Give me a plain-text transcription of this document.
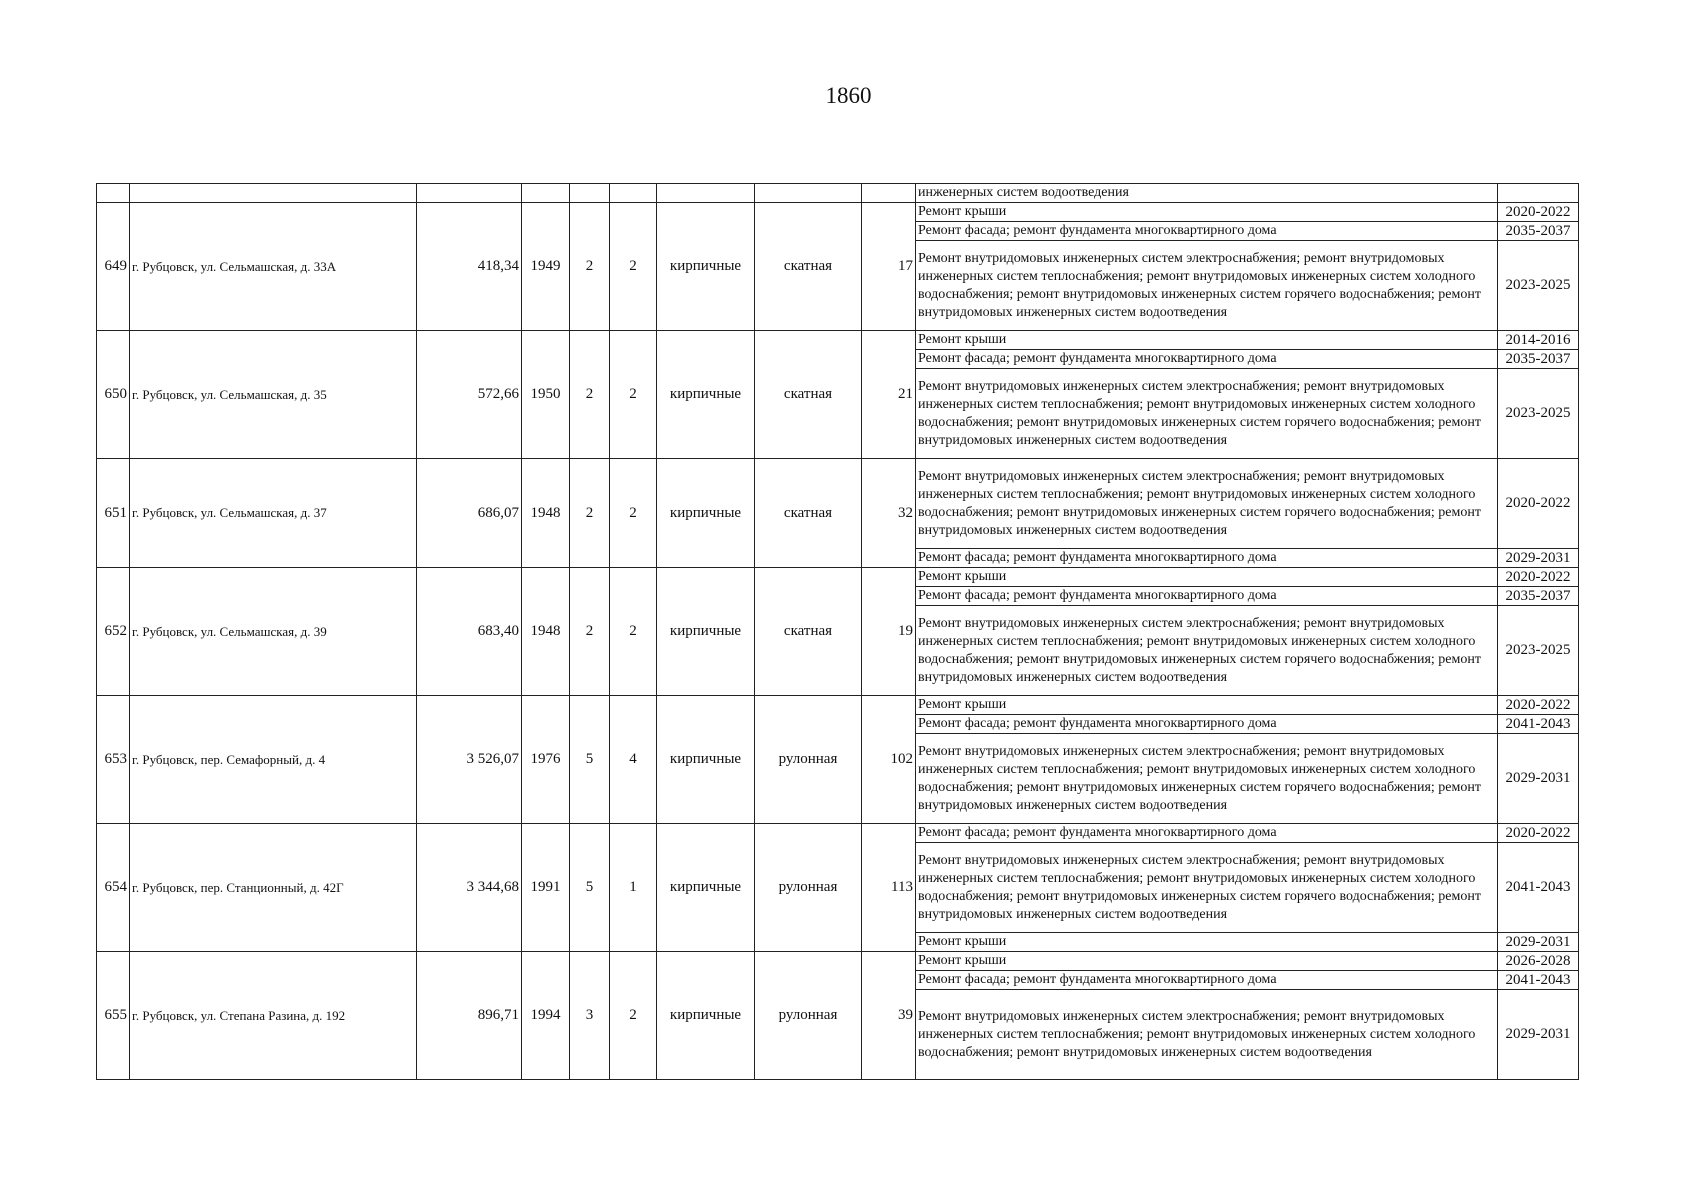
1860
									инженерных систем водоотведения	
649	г. Рубцовск, ул. Сельмашская, д. 33А	418,34	1949	2	2	кирпичные	скатная	17	Ремонт крыши	2020-2022
									Ремонт фасада; ремонт фундамента многоквартирного дома	2035-2037
									Ремонт внутридомовых инженерных систем электроснабжения; ремонт внутридомовых инженерных систем теплоснабжения; ремонт внутридомовых инженерных систем холодного водоснабжения; ремонт внутридомовых инженерных систем горячего водоснабжения; ремонт внутридомовых инженерных систем водоотведения	2023-2025
650	г. Рубцовск, ул. Сельмашская, д. 35	572,66	1950	2	2	кирпичные	скатная	21	Ремонт крыши	2014-2016
									Ремонт фасада; ремонт фундамента многоквартирного дома	2035-2037
									Ремонт внутридомовых инженерных систем электроснабжения; ремонт внутридомовых инженерных систем теплоснабжения; ремонт внутридомовых инженерных систем холодного водоснабжения; ремонт внутридомовых инженерных систем горячего водоснабжения; ремонт внутридомовых инженерных систем водоотведения	2023-2025
651	г. Рубцовск, ул. Сельмашская, д. 37	686,07	1948	2	2	кирпичные	скатная	32	Ремонт внутридомовых инженерных систем электроснабжения; ремонт внутридомовых инженерных систем теплоснабжения; ремонт внутридомовых инженерных систем холодного водоснабжения; ремонт внутридомовых инженерных систем горячего водоснабжения; ремонт внутридомовых инженерных систем водоотведения	2020-2022
									Ремонт фасада; ремонт фундамента многоквартирного дома	2029-2031
652	г. Рубцовск, ул. Сельмашская, д. 39	683,40	1948	2	2	кирпичные	скатная	19	Ремонт крыши	2020-2022
									Ремонт фасада; ремонт фундамента многоквартирного дома	2035-2037
									Ремонт внутридомовых инженерных систем электроснабжения; ремонт внутридомовых инженерных систем теплоснабжения; ремонт внутридомовых инженерных систем холодного водоснабжения; ремонт внутридомовых инженерных систем горячего водоснабжения; ремонт внутридомовых инженерных систем водоотведения	2023-2025
653	г. Рубцовск, пер. Семафорный, д. 4	3 526,07	1976	5	4	кирпичные	рулонная	102	Ремонт крыши	2020-2022
									Ремонт фасада; ремонт фундамента многоквартирного дома	2041-2043
									Ремонт внутридомовых инженерных систем электроснабжения; ремонт внутридомовых инженерных систем теплоснабжения; ремонт внутридомовых инженерных систем холодного водоснабжения; ремонт внутридомовых инженерных систем горячего водоснабжения; ремонт внутридомовых инженерных систем водоотведения	2029-2031
654	г. Рубцовск, пер. Станционный, д. 42Г	3 344,68	1991	5	1	кирпичные	рулонная	113	Ремонт фасада; ремонт фундамента многоквартирного дома	2020-2022
									Ремонт внутридомовых инженерных систем электроснабжения; ремонт внутридомовых инженерных систем теплоснабжения; ремонт внутридомовых инженерных систем холодного водоснабжения; ремонт внутридомовых инженерных систем горячего водоснабжения; ремонт внутридомовых инженерных систем водоотведения	2041-2043
									Ремонт крыши	2029-2031
655	г. Рубцовск, ул. Степана Разина, д. 192	896,71	1994	3	2	кирпичные	рулонная	39	Ремонт крыши	2026-2028
									Ремонт фасада; ремонт фундамента многоквартирного дома	2041-2043
									Ремонт внутридомовых инженерных систем электроснабжения; ремонт внутридомовых инженерных систем теплоснабжения; ремонт внутридомовых инженерных систем холодного водоснабжения; ремонт внутридомовых инженерных систем водоотведения	2029-2031
